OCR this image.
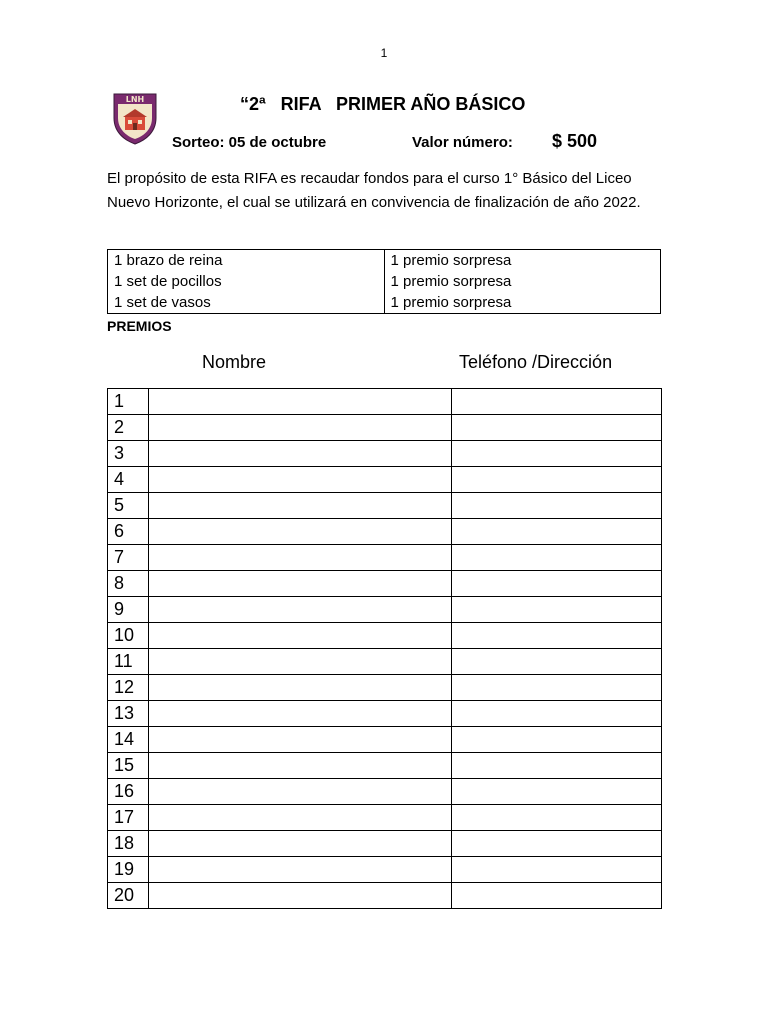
1
LNH	“2ª   RIFA   PRIMER AÑO BÁSICO
Sorteo: 05 de octubre	Valor número: $ 500
El propósito de esta RIFA es recaudar fondos para el curso 1° Básico del Liceo Nuevo Horizonte, el cual se utilizará en convivencia de finalización de año 2022.
1 brazo de reina	1 premio sorpresa
1 set de pocillos	1 premio sorpresa
1 set de vasos	1 premio sorpresa
PREMIOS
Nombre	Teléfono /Dirección
1		
2		
3		
4		
5		
6		
7		
8		
9		
10		
11		
12		
13		
14		
15		
16		
17		
18		
19		
20		
